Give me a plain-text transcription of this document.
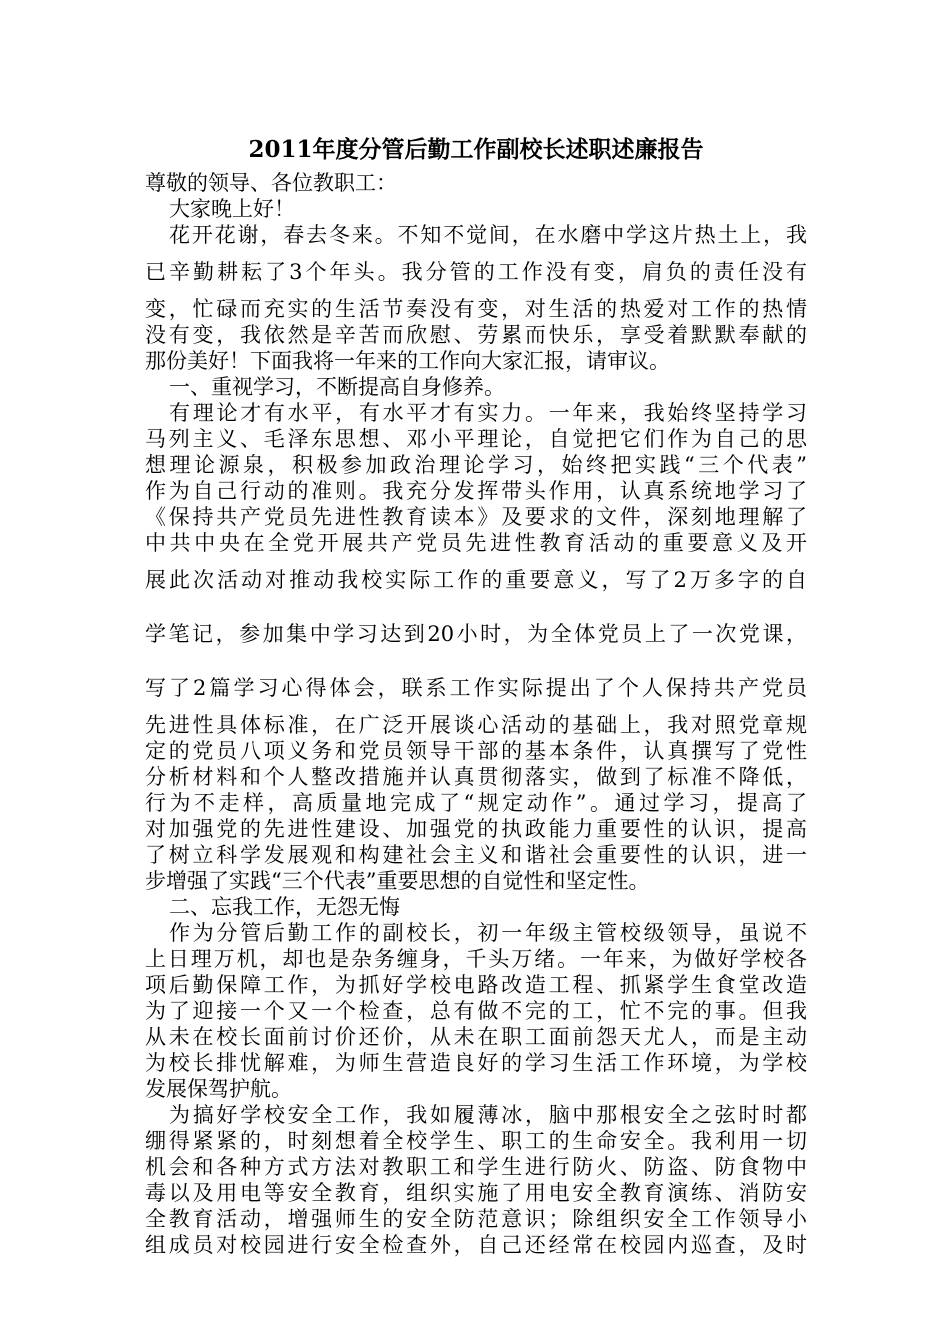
2011年度分管后勤工作副校长述职述廉报告
尊敬的领导、各位教职工：
大家晚上好！
花开花谢，春去冬来。不知不觉间，在水磨中学这片热土上，我
已辛勤耕耘了3个年头。我分管的工作没有变，肩负的责任没有
变，忙碌而充实的生活节奏没有变，对生活的热爱对工作的热情
没有变，我依然是辛苦而欣慰、劳累而快乐，享受着默默奉献的
那份美好！下面我将一年来的工作向大家汇报，请审议。
一、重视学习，不断提高自身修养。
有理论才有水平，有水平才有实力。一年来，我始终坚持学习
马列主义、毛泽东思想、邓小平理论，自觉把它们作为自己的思
想理论源泉，积极参加政治理论学习，始终把实践“三个代表”
作为自己行动的准则。我充分发挥带头作用，认真系统地学习了
《保持共产党员先进性教育读本》及要求的文件，深刻地理解了
中共中央在全党开展共产党员先进性教育活动的重要意义及开
展此次活动对推动我校实际工作的重要意义，写了2万多字的自
学笔记，参加集中学习达到20小时，为全体党员上了一次党课，
写了2篇学习心得体会，联系工作实际提出了个人保持共产党员
先进性具体标准，在广泛开展谈心活动的基础上，我对照党章规
定的党员八项义务和党员领导干部的基本条件，认真撰写了党性
分析材料和个人整改措施并认真贯彻落实，做到了标准不降低，
行为不走样，高质量地完成了“规定动作”。通过学习，提高了
对加强党的先进性建设、加强党的执政能力重要性的认识，提高
了树立科学发展观和构建社会主义和谐社会重要性的认识，进一
步增强了实践“三个代表”重要思想的自觉性和坚定性。
二、忘我工作，无怨无悔
作为分管后勤工作的副校长，初一年级主管校级领导，虽说不
上日理万机，却也是杂务缠身，千头万绪。一年来，为做好学校各
项后勤保障工作，为抓好学校电路改造工程、抓紧学生食堂改造
为了迎接一个又一个检查，总有做不完的工，忙不完的事。但我
从未在校长面前讨价还价，从未在职工面前怨天尤人，而是主动
为校长排忧解难，为师生营造良好的学习生活工作环境，为学校
发展保驾护航。
为搞好学校安全工作，我如履薄冰，脑中那根安全之弦时时都
绷得紧紧的，时刻想着全校学生、职工的生命安全。我利用一切
机会和各种方式方法对教职工和学生进行防火、防盗、防食物中
毒以及用电等安全教育，组织实施了用电安全教育演练、消防安
全教育活动，增强师生的安全防范意识；除组织安全工作领导小
组成员对校园进行安全检查外，自己还经常在校园内巡查，及时
